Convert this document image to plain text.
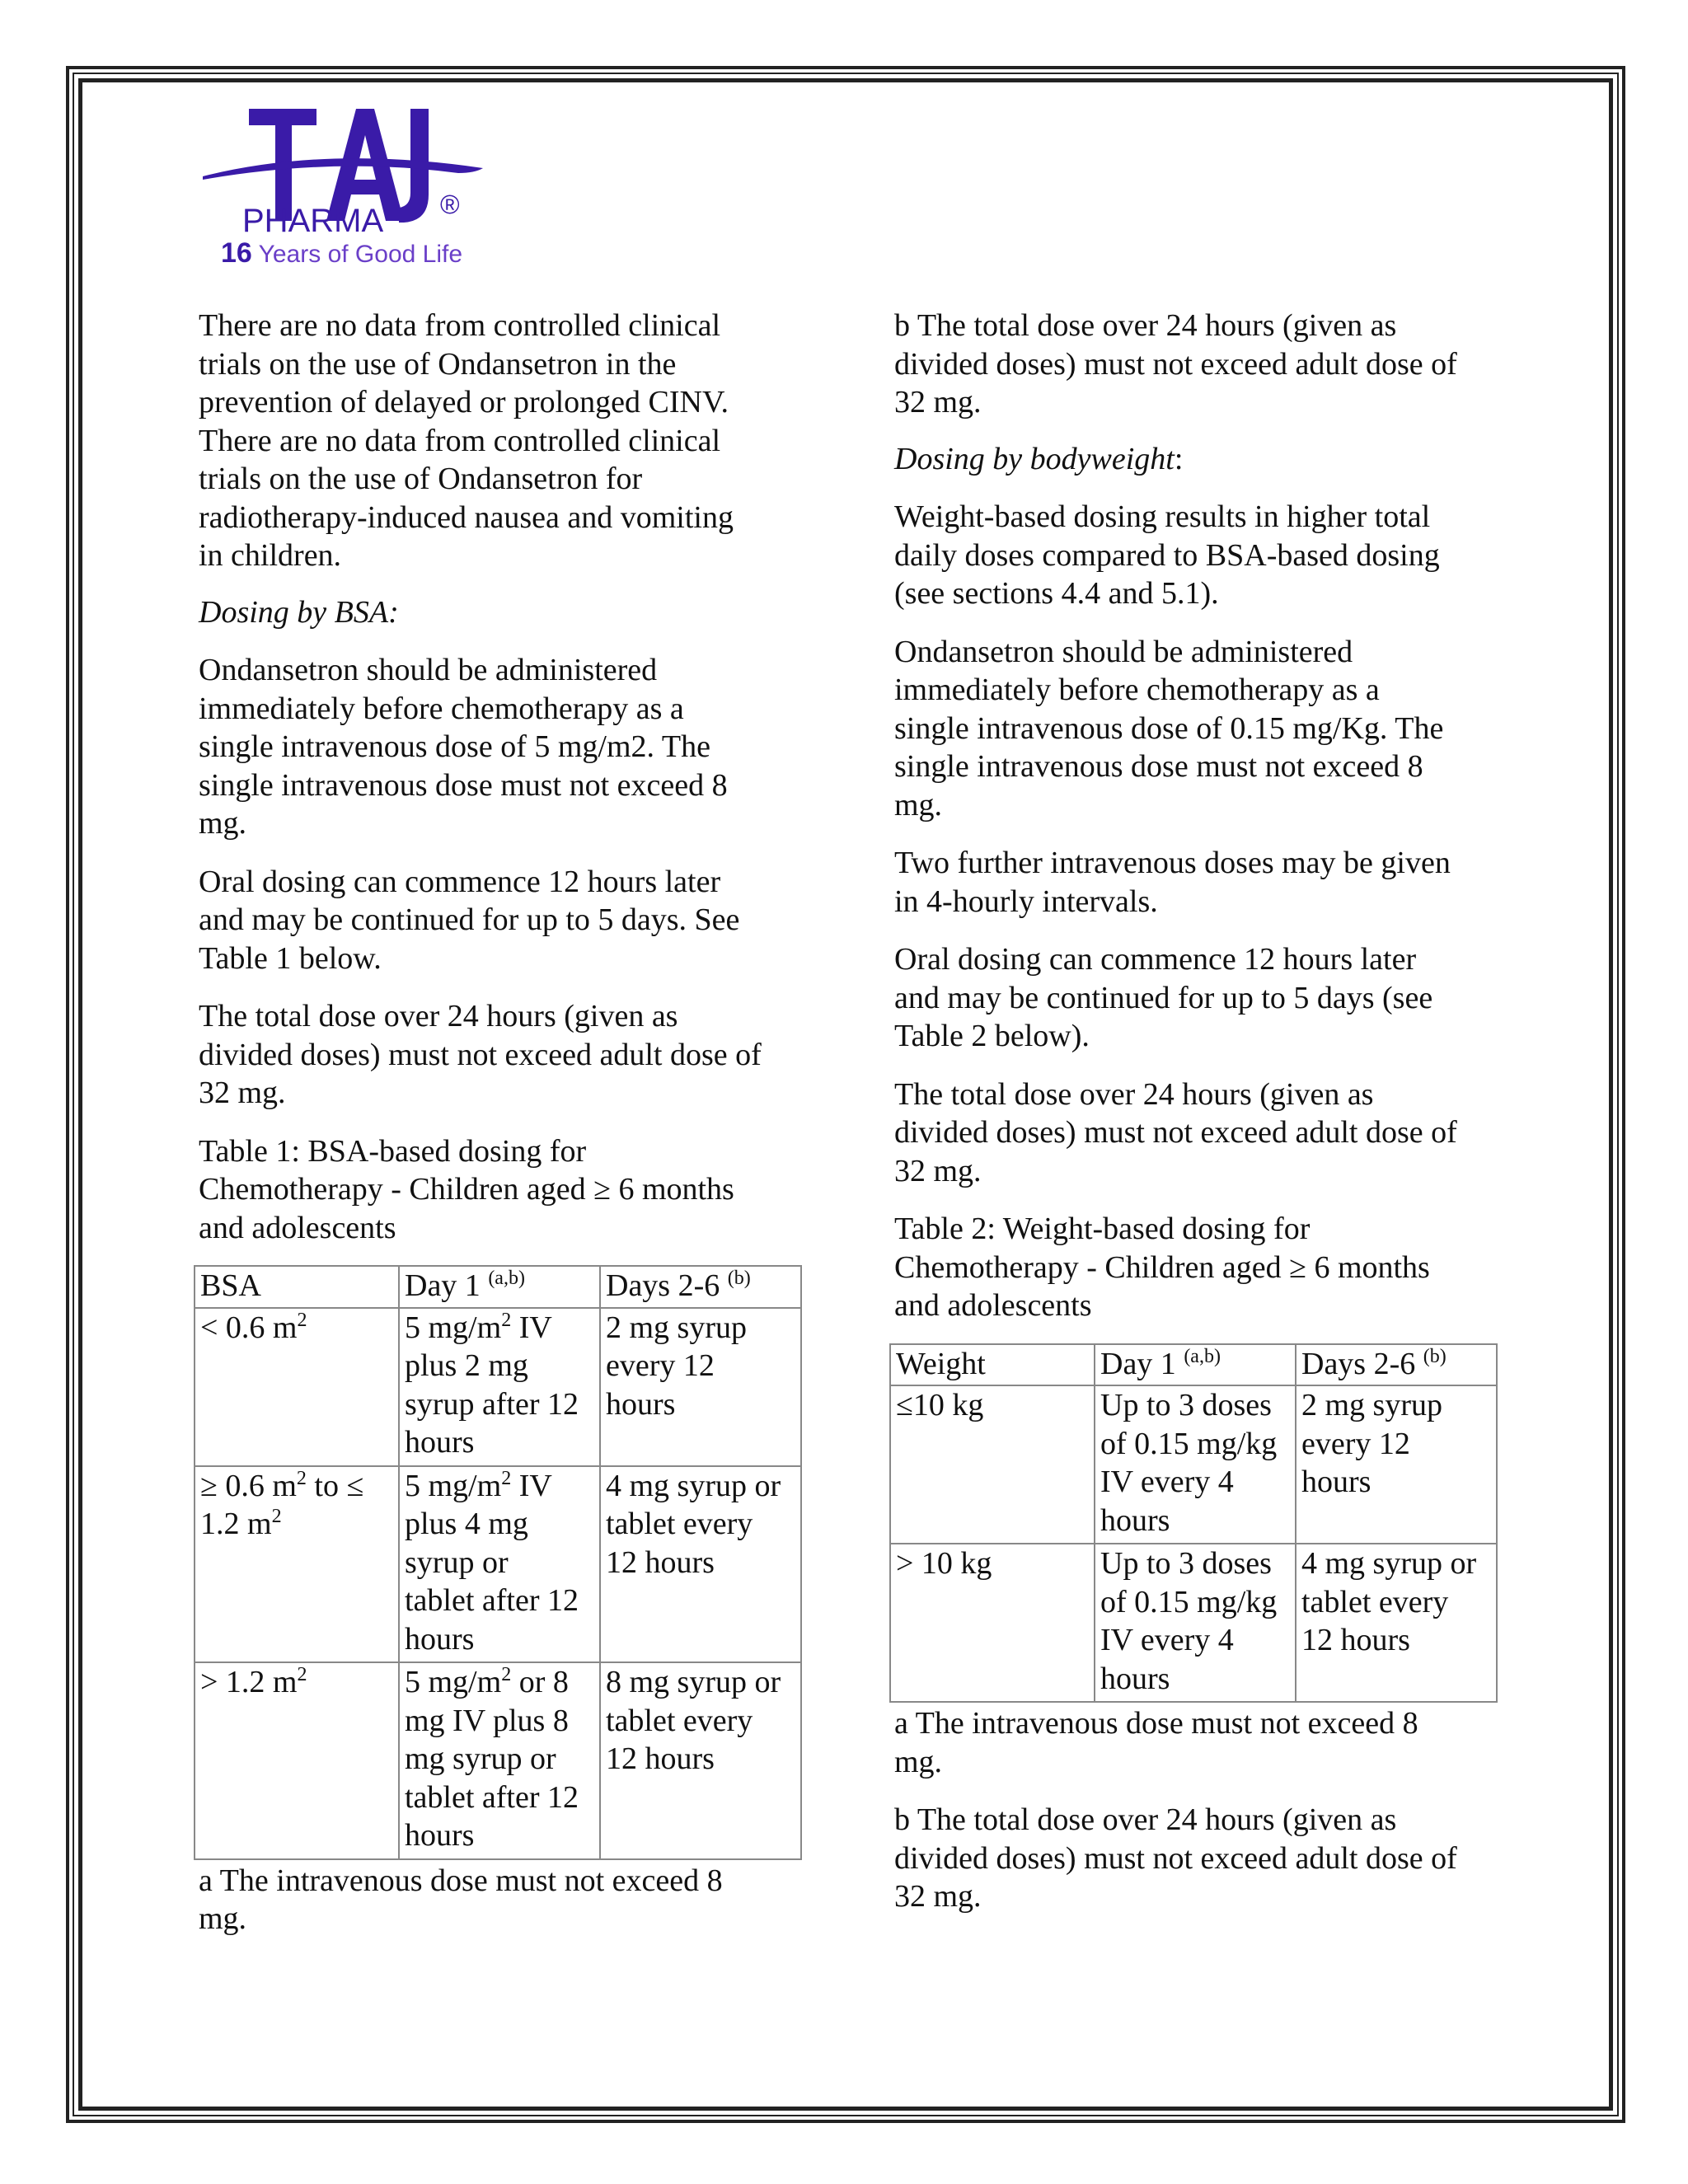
PHARMA ®
16 Years of Good Life

There are no data from controlled clinical
trials on the use of Ondansetron in the
prevention of delayed or prolonged CINV.
There are no data from controlled clinical
trials on the use of Ondansetron for
radiotherapy-induced nausea and vomiting
in children.

Dosing by BSA:

Ondansetron should be administered
immediately before chemotherapy as a
single intravenous dose of 5 mg/m2. The
single intravenous dose must not exceed 8
mg.

Oral dosing can commence 12 hours later
and may be continued for up to 5 days. See
Table 1 below.

The total dose over 24 hours (given as
divided doses) must not exceed adult dose of
32 mg.

Table 1: BSA-based dosing for
Chemotherapy - Children aged ≥ 6 months
and adolescents

BSA	Day 1 $^{(a,b)}$	Days 2-6 $^{(b)}$
< 0.6 $m^2$	5 $mg/m^2$ IV
plus 2 mg
syrup after 12
hours	2 mg syrup
every 12
hours
≥ 0.6 $m^2$ to ≤
1.2 $m^2$	5 $mg/m^2$ IV
plus 4 mg
syrup or
tablet after 12
hours	4 mg syrup or
tablet every
12 hours
> 1.2 $m^2$	5 $mg/m^2$ or 8
mg IV plus 8
mg syrup or
tablet after 12
hours	8 mg syrup or
tablet every
12 hours

a The intravenous dose must not exceed 8
mg.

b The total dose over 24 hours (given as
divided doses) must not exceed adult dose of
32 mg.

Dosing by bodyweight:

Weight-based dosing results in higher total
daily doses compared to BSA-based dosing
(see sections 4.4 and 5.1).

Ondansetron should be administered
immediately before chemotherapy as a
single intravenous dose of 0.15 mg/Kg. The
single intravenous dose must not exceed 8
mg.

Two further intravenous doses may be given
in 4-hourly intervals.

Oral dosing can commence 12 hours later
and may be continued for up to 5 days (see
Table 2 below).

The total dose over 24 hours (given as
divided doses) must not exceed adult dose of
32 mg.

Table 2: Weight-based dosing for
Chemotherapy - Children aged ≥ 6 months
and adolescents

Weight	Day 1 $^{(a,b)}$	Days 2-6 $^{(b)}$
≤10 kg	Up to 3 doses
of 0.15 mg/kg
IV every 4
hours	2 mg syrup
every 12
hours
> 10 kg	Up to 3 doses
of 0.15 mg/kg
IV every 4
hours	4 mg syrup or
tablet every
12 hours

a The intravenous dose must not exceed 8
mg.

b The total dose over 24 hours (given as
divided doses) must not exceed adult dose of
32 mg.
